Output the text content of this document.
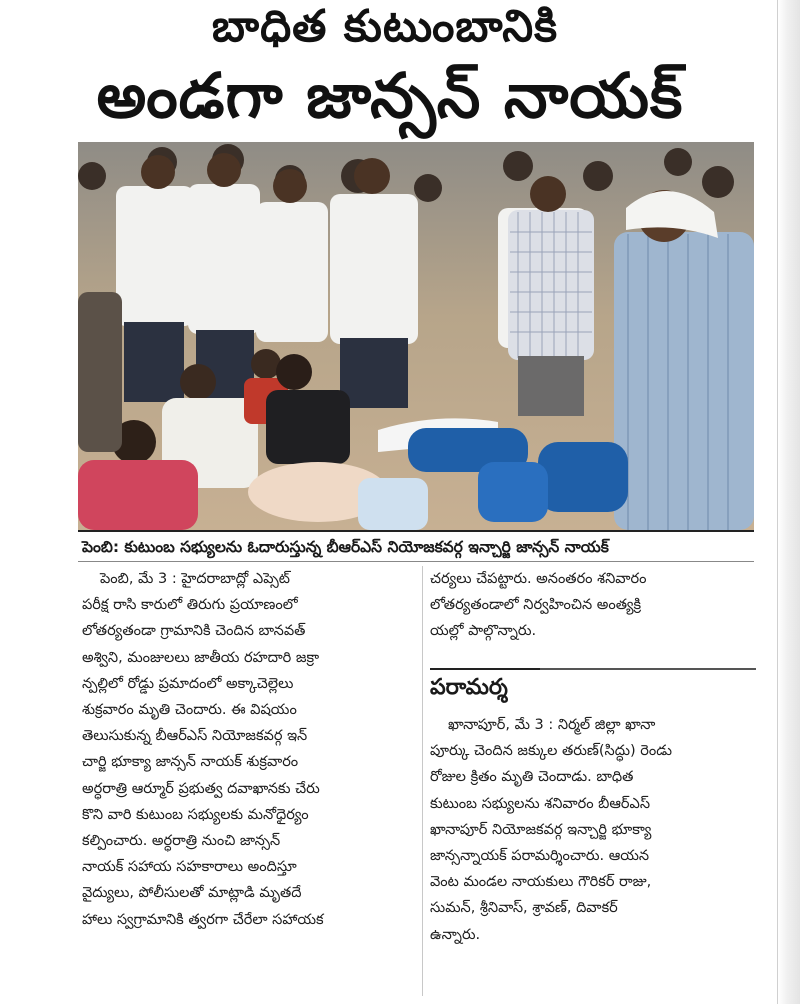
బాధిత కుటుంబానికి
అండగా జాన్సన్ నాయక్
పెంబి: కుటుంబ సభ్యులను ఓదారుస్తున్న బీఆర్ఎస్ నియోజకవర్గ ఇన్చార్జి జాన్సన్ నాయక్
పెంబి, మే 3 : హైదరాబాద్లో ఎప్సెట్
పరీక్ష రాసి కారులో తిరుగు ప్రయాణంలో
లోతర్యతండా గ్రామానికి చెందిన బానవత్
అశ్విని, మంజులలు జాతీయ రహదారి జక్రా
న్పల్లిలో రోడ్డు ప్రమాదంలో అక్కాచెల్లెలు
శుక్రవారం మృతి చెందారు. ఈ విషయం
తెలుసుకున్న బీఆర్ఎస్ నియోజకవర్గ ఇన్
చార్జి భూక్యా జాన్సన్ నాయక్ శుక్రవారం
అర్ధరాత్రి ఆర్మూర్ ప్రభుత్వ దవాఖానకు చేరు
కొని వారి కుటుంబ సభ్యులకు మనోధైర్యం
కల్పించారు. అర్ధరాత్రి నుంచి జాన్సన్
నాయక్ సహాయ సహకారాలు అందిస్తూ
వైద్యులు, పోలీసులతో మాట్లాడి మృతదే
హాలు స్వగ్రామానికి త్వరగా చేరేలా సహాయక
చర్యలు చేపట్టారు. అనంతరం శనివారం
లోతర్యతండాలో నిర్వహించిన అంత్యక్రి
యల్లో పాల్గొన్నారు.
పరామర్శ
ఖానాపూర్, మే 3 : నిర్మల్ జిల్లా ఖానా
పూర్కు చెందిన జక్కుల తరుణ్(సిద్ధు) రెండు
రోజుల క్రితం మృతి చెందాడు. బాధిత
కుటుంబ సభ్యులను శనివారం బీఆర్ఎస్
ఖానాపూర్ నియోజకవర్గ ఇన్చార్జి భూక్యా
జాన్సన్నాయక్ పరామర్శించారు. ఆయన
వెంట మండల నాయకులు గౌరికర్ రాజు,
సుమన్, శ్రీనివాస్, శ్రావణ్, దివాకర్
ఉన్నారు.
